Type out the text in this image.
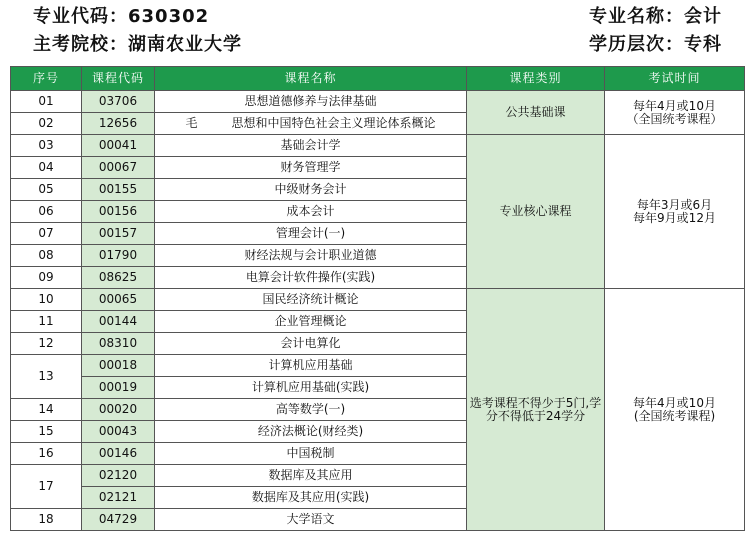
专业代码：630302	专业名称：会计
主考院校：湖南农业大学	学历层次：专科
序号	课程代码	课程名称	课程类别	考试时间
01	03706	思想道德修养与法律基础	公共基础课	每年4月或10月
（全国统考课程）

02	12656	毛 思想和中国特色社会主义理论体系概论		
03	00041	基础会计学	专业核心课程	每年3月或6月
每年9月或12月

04	00067	财务管理学		
05	00155	中级财务会计		
06	00156	成本会计		
07	00157	管理会计(一)		
08	01790	财经法规与会计职业道德		
09	08625	电算会计软件操作(实践)		
10	00065	国民经济统计概论	选考课程不得少于5门,学分不得低于24学分	每年4月或10月
(全国统考课程)

11	00144	企业管理概论		
12	08310	会计电算化		
13	00018	计算机应用基础		
	00019	计算机应用基础(实践)		
14	00020	高等数学(一)		
15	00043	经济法概论(财经类)		
16	00146	中国税制		
17	02120	数据库及其应用		
	02121	数据库及其应用(实践)		
18	04729	大学语文		
